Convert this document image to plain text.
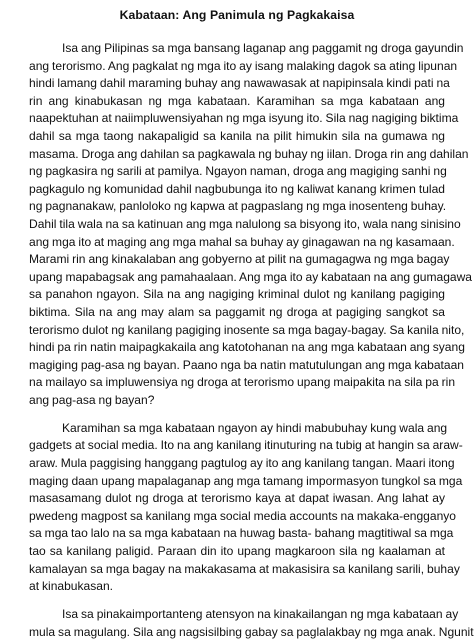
Kabataan: Ang Panimula ng Pagkakaisa
Isa ang Pilipinas sa mga bansang laganap ang paggamit ng droga gayundin
ang terorismo. Ang pagkalat ng mga ito ay isang malaking dagok sa ating lipunan
hindi lamang dahil maraming buhay ang nawawasak at napipinsala kindi pati na
rin ang kinabukasan ng mga kabataan. Karamihan sa mga kabataan ang
naapektuhan at naiimpluwensiyahan ng mga isyung ito. Sila nag nagiging biktima
dahil sa mga taong nakapaligid sa kanila na pilit himukin sila na gumawa ng
masama. Droga ang dahilan sa pagkawala ng buhay ng iilan. Droga rin ang dahilan
ng pagkasira ng sarili at pamilya. Ngayon naman, droga ang magiging sanhi ng
pagkagulo ng komunidad dahil nagbubunga ito ng kaliwat kanang krimen tulad
ng pagnanakaw, panloloko ng kapwa at pagpaslang ng mga inosenteng buhay.
Dahil tila wala na sa katinuan ang mga nalulong sa bisyong ito, wala nang sinisino
ang mga ito at maging ang mga mahal sa buhay ay ginagawan na ng kasamaan.
Marami rin ang kinakalaban ang gobyerno at pilit na gumagagwa ng mga bagay
upang mapabagsak ang pamahaalaan. Ang mga ito ay kabataan na ang gumagawa
sa panahon ngayon. Sila na ang nagiging kriminal dulot ng kanilang pagiging
biktima. Sila na ang may alam sa paggamit ng droga at pagiging sangkot sa
terorismo dulot ng kanilang pagiging inosente sa mga bagay-bagay. Sa kanila nito,
hindi pa rin natin maipagkakaila ang katotohanan na ang mga kabataan ang syang
magiging pag-asa ng bayan. Paano nga ba natin matutulungan ang mga kabataan
na mailayo sa impluwensiya ng droga at terorismo upang maipakita na sila pa rin
ang pag-asa ng bayan?
Karamihan sa mga kabataan ngayon ay hindi mabubuhay kung wala ang
gadgets at social media. Ito na ang kanilang itinuturing na tubig at hangin sa araw-
araw. Mula paggising hanggang pagtulog ay ito ang kanilang tangan. Maari itong
maging daan upang mapalaganap ang mga tamang impormasyon tungkol sa mga
masasamang dulot ng droga at terorismo kaya at dapat iwasan. Ang lahat ay
pwedeng magpost sa kanilang mga social media accounts na makaka-engganyo
sa mga tao lalo na sa mga kabataan na huwag basta- bahang magtitiwal sa mga
tao sa kanilang paligid. Paraan din ito upang magkaroon sila ng kaalaman at
kamalayan sa mga bagay na makakasama at makasisira sa kanilang sarili, buhay
at kinabukasan.
Isa sa pinakaimportanteng atensyon na kinakailangan ng mga kabataan ay
mula sa magulang. Sila ang nagsisilbing gabay sa paglalakbay ng mga anak. Ngunit
